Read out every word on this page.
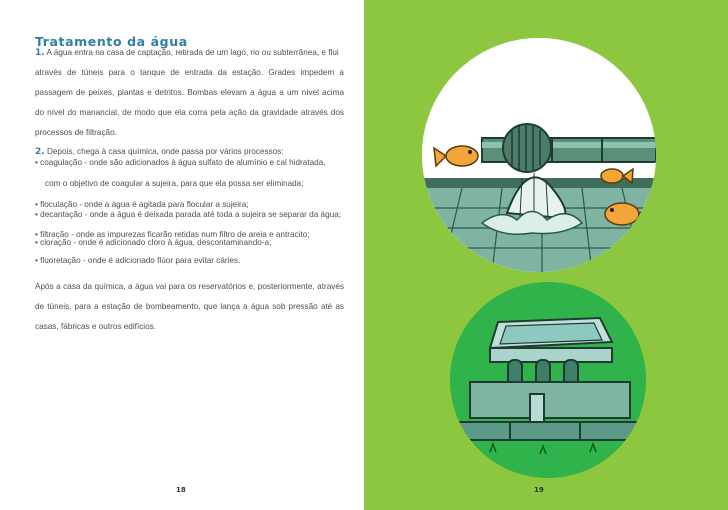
Tratamento da água
1. A água entra na casa de captação, retirada de um lago, rio ou subterrânea, e flui
através de túneis para o tanque de entrada da estação. Grades impedem a
passagem de peixes, plantas e detritos. Bombas elevam a água a um nível acima
do nível do manancial, de modo que ela corra pela ação da gravidade através dos
processos de filtração.
2. Depois, chega à casa química, onde passa por vários processos:
• coagulação - onde são adicionados à água sulfato de alumínio e cal hidratada,
com o objetivo de coagular a sujeira, para que ela possa ser eliminada;
• floculação - onde a água é agitada para flocular a sujeira;
• decantação - onde a água é deixada parada até toda a sujeira se separar da água;
• filtração - onde as impurezas ficarão retidas num filtro de areia e antracito;
• cloração - onde é adicionado cloro à água, descontaminando-a;
• fluoretação - onde é adicionado flúor para evitar cáries.
Após a casa da química, a água vai para os reservatórios e, posteriormente, através
de túneis, para a estação de bombeamento, que lança a água sob pressão até as
casas, fábricas e outros edifícios.
18	19
